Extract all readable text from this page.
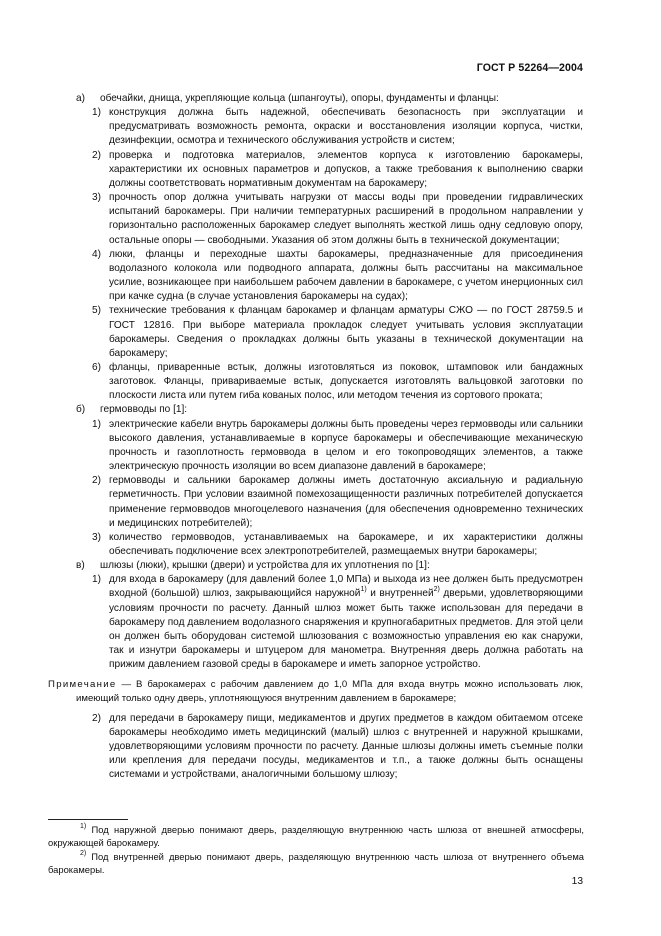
ГОСТ Р 52264—2004
а) обечайки, днища, укрепляющие кольца (шпангоуты), опоры, фундаменты и фланцы:
1) конструкция должна быть надежной, обеспечивать безопасность при эксплуатации и предусматривать возможность ремонта, окраски и восстановления изоляции корпуса, чистки, дезинфекции, осмотра и технического обслуживания устройств и систем;
2) проверка и подготовка материалов, элементов корпуса к изготовлению барокамеры, характеристики их основных параметров и допусков, а также требования к выполнению сварки должны соответствовать нормативным документам на барокамеру;
3) прочность опор должна учитывать нагрузки от массы воды при проведении гидравлических испытаний барокамеры. При наличии температурных расширений в продольном направлении у горизонтально расположенных барокамер следует выполнять жесткой лишь одну седловую опору, остальные опоры — свободными. Указания об этом должны быть в технической документации;
4) люки, фланцы и переходные шахты барокамеры, предназначенные для присоединения водолазного колокола или подводного аппарата, должны быть рассчитаны на максимальное усилие, возникающее при наибольшем рабочем давлении в барокамере, с учетом инерционных сил при качке судна (в случае установления барокамеры на судах);
5) технические требования к фланцам барокамер и фланцам арматуры СЖО — по ГОСТ 28759.5 и ГОСТ 12816. При выборе материала прокладок следует учитывать условия эксплуатации барокамеры. Сведения о прокладках должны быть указаны в технической документации на барокамеру;
6) фланцы, приваренные встык, должны изготовляться из поковок, штамповок или бандажных заготовок. Фланцы, привариваемые встык, допускается изготовлять вальцовкой заготовки по плоскости листа или путем гиба кованых полос, или методом течения из сортового проката;
б) гермовводы по [1]:
1) электрические кабели внутрь барокамеры должны быть проведены через гермовводы или сальники высокого давления, устанавливаемые в корпусе барокамеры и обеспечивающие механическую прочность и газоплотность гермоввода в целом и его токопроводящих элементов, а также электрическую прочность изоляции во всем диапазоне давлений в барокамере;
2) гермовводы и сальники барокамер должны иметь достаточную аксиальную и радиальную герметичность. При условии взаимной помехозащищенности различных потребителей допускается применение гермовводов многоцелевого назначения (для обеспечения одновременно технических и медицинских потребителей);
3) количество гермовводов, устанавливаемых на барокамере, и их характеристики должны обеспечивать подключение всех электропотребителей, размещаемых внутри барокамеры;
в) шлюзы (люки), крышки (двери) и устройства для их уплотнения по [1]:
1) для входа в барокамеру (для давлений более 1,0 МПа) и выхода из нее должен быть предусмотрен входной (большой) шлюз, закрывающийся наружной$^{1)}$ и внутренней$^{2)}$ дверьми, удовлетворяющими условиям прочности по расчету. Данный шлюз может быть также использован для передачи в барокамеру под давлением водолазного снаряжения и крупногабаритных предметов. Для этой цели он должен быть оборудован системой шлюзования с возможностью управления ею как снаружи, так и изнутри барокамеры и штуцером для манометра. Внутренняя дверь должна работать на прижим давлением газовой среды в барокамере и иметь запорное устройство.
Примечание — В барокамерах с рабочим давлением до 1,0 МПа для входа внутрь можно использовать люк, имеющий только одну дверь, уплотняющуюся внутренним давлением в барокамере;
2) для передачи в барокамеру пищи, медикаментов и других предметов в каждом обитаемом отсеке барокамеры необходимо иметь медицинский (малый) шлюз с внутренней и наружной крышками, удовлетворяющими условиям прочности по расчету. Данные шлюзы должны иметь съемные полки или крепления для передачи посуды, медикаментов и т.п., а также должны быть оснащены системами и устройствами, аналогичными большому шлюзу;

$^{1)}$ Под наружной дверью понимают дверь, разделяющую внутреннюю часть шлюза от внешней атмосферы, окружающей барокамеру.

$^{2)}$ Под внутренней дверью понимают дверь, разделяющую внутреннюю часть шлюза от внутреннего объема барокамеры.

13
